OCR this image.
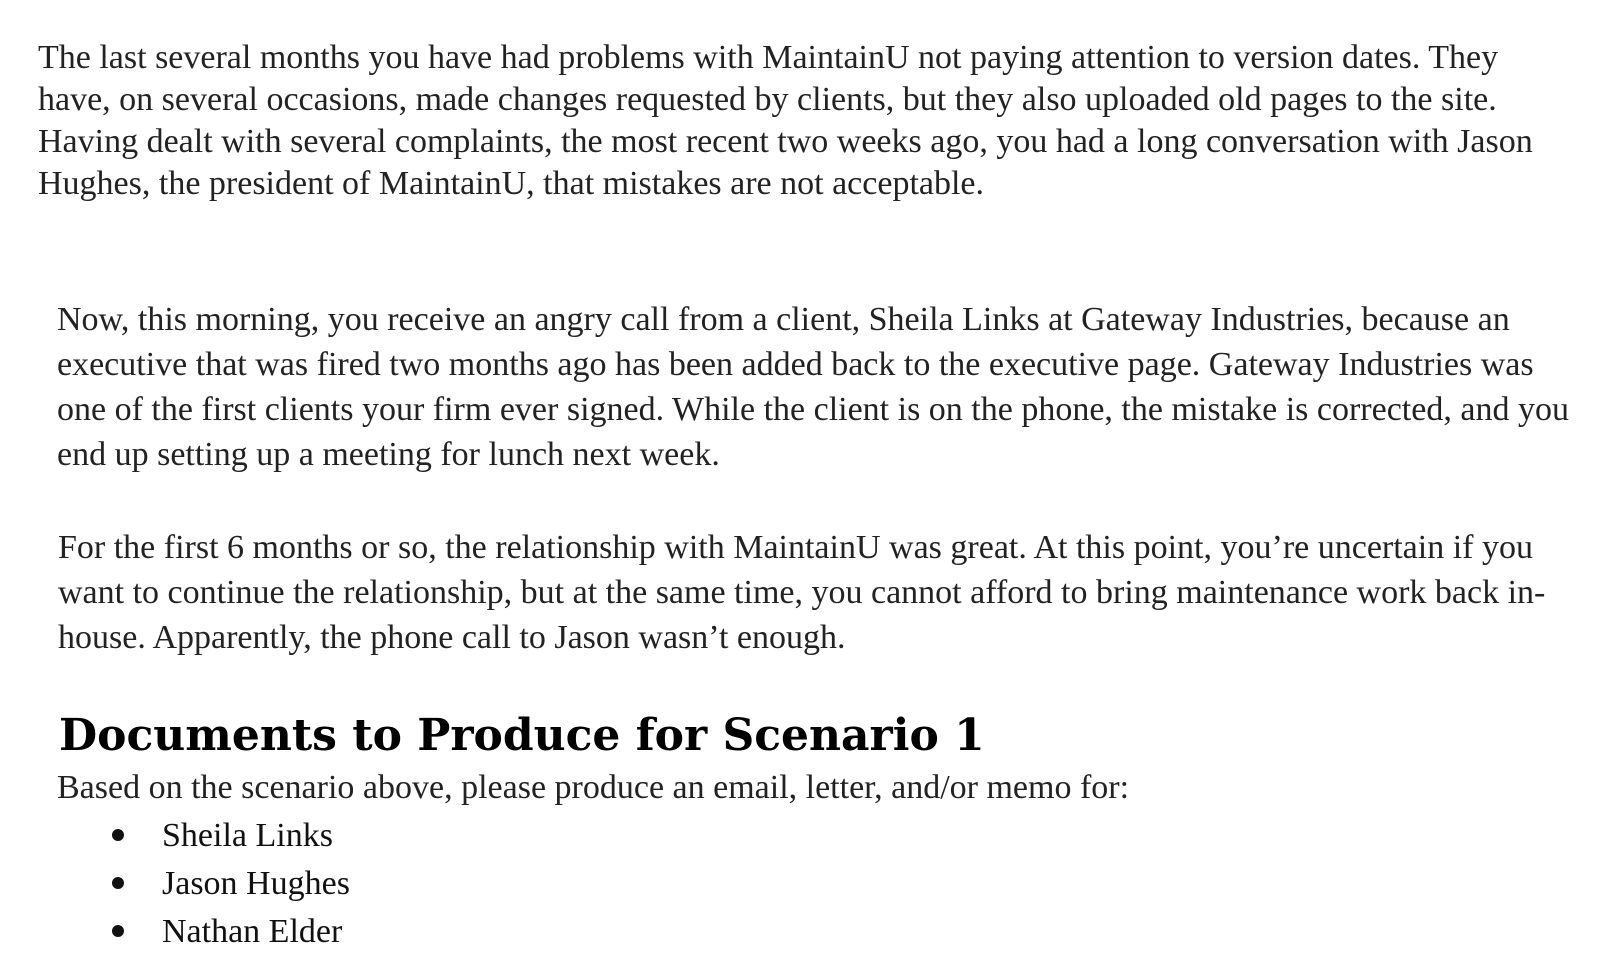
The last several months you have had problems with MaintainU not paying attention to version dates. They have, on several occasions, made changes requested by clients, but they also uploaded old pages to the site. Having dealt with several complaints, the most recent two weeks ago, you had a long conversation with Jason Hughes, the president of MaintainU, that mistakes are not acceptable.

Now, this morning, you receive an angry call from a client, Sheila Links at Gateway Industries, because an executive that was fired two months ago has been added back to the executive page. Gateway Industries was one of the first clients your firm ever signed. While the client is on the phone, the mistake is corrected, and you end up setting up a meeting for lunch next week.

For the first 6 months or so, the relationship with MaintainU was great. At this point, you’re uncertain if you want to continue the relationship, but at the same time, you cannot afford to bring maintenance work back in-house. Apparently, the phone call to Jason wasn’t enough.

Documents to Produce for Scenario 1

Based on the scenario above, please produce an email, letter, and/or memo for:

Sheila Links
Jason Hughes
Nathan Elder
